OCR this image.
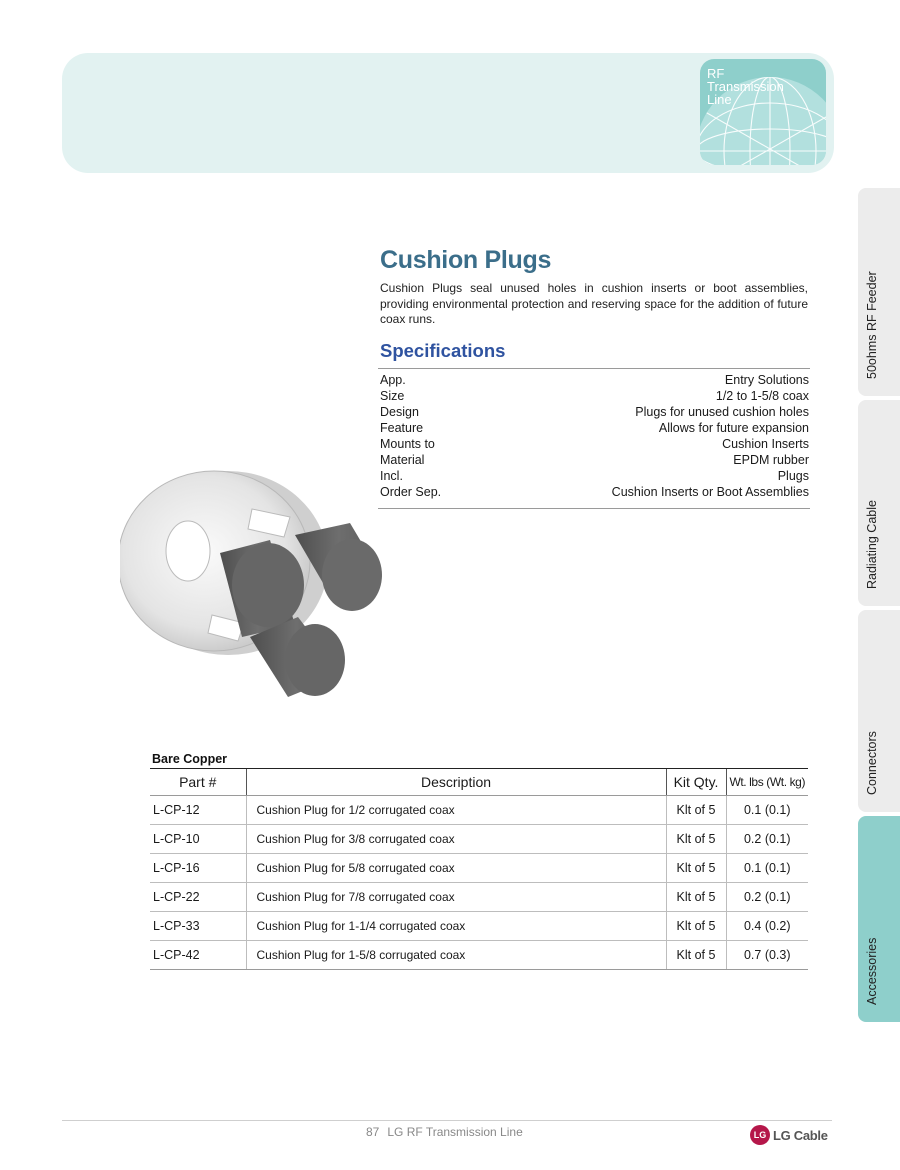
RF
Transmission
Line
50ohms RF Feeder
Radiating Cable
Connectors
Accessories
Cushion Plugs

Cushion Plugs seal unused holes in cushion inserts or boot assemblies, providing environmental protection and reserving space for the addition of future coax runs.

Specifications
App.	Entry Solutions
Size	1/2 to 1-5/8 coax
Design	Plugs for unused cushion holes
Feature	Allows for future expansion
Mounts to	Cushion Inserts
Material	EPDM rubber
Incl.	Plugs
Order Sep.	Cushion Inserts or Boot Assemblies
Bare Copper
Part #	Description	Kit Qty.	Wt. lbs (Wt. kg)
L-CP-12	Cushion Plug for 1/2 corrugated coax	Klt of 5	0.1 (0.1)
L-CP-10	Cushion Plug for 3/8 corrugated coax	Klt of 5	0.2 (0.1)
L-CP-16	Cushion Plug for 5/8 corrugated coax	Klt of 5	0.1 (0.1)
L-CP-22	Cushion Plug for 7/8 corrugated coax	Klt of 5	0.2 (0.1)
L-CP-33	Cushion Plug for 1-1/4 corrugated coax	Klt of 5	0.4 (0.2)
L-CP-42	Cushion Plug for 1-5/8 corrugated coax	Klt of 5	0.7 (0.3)
87 LG RF Transmission Line	LG LG Cable
